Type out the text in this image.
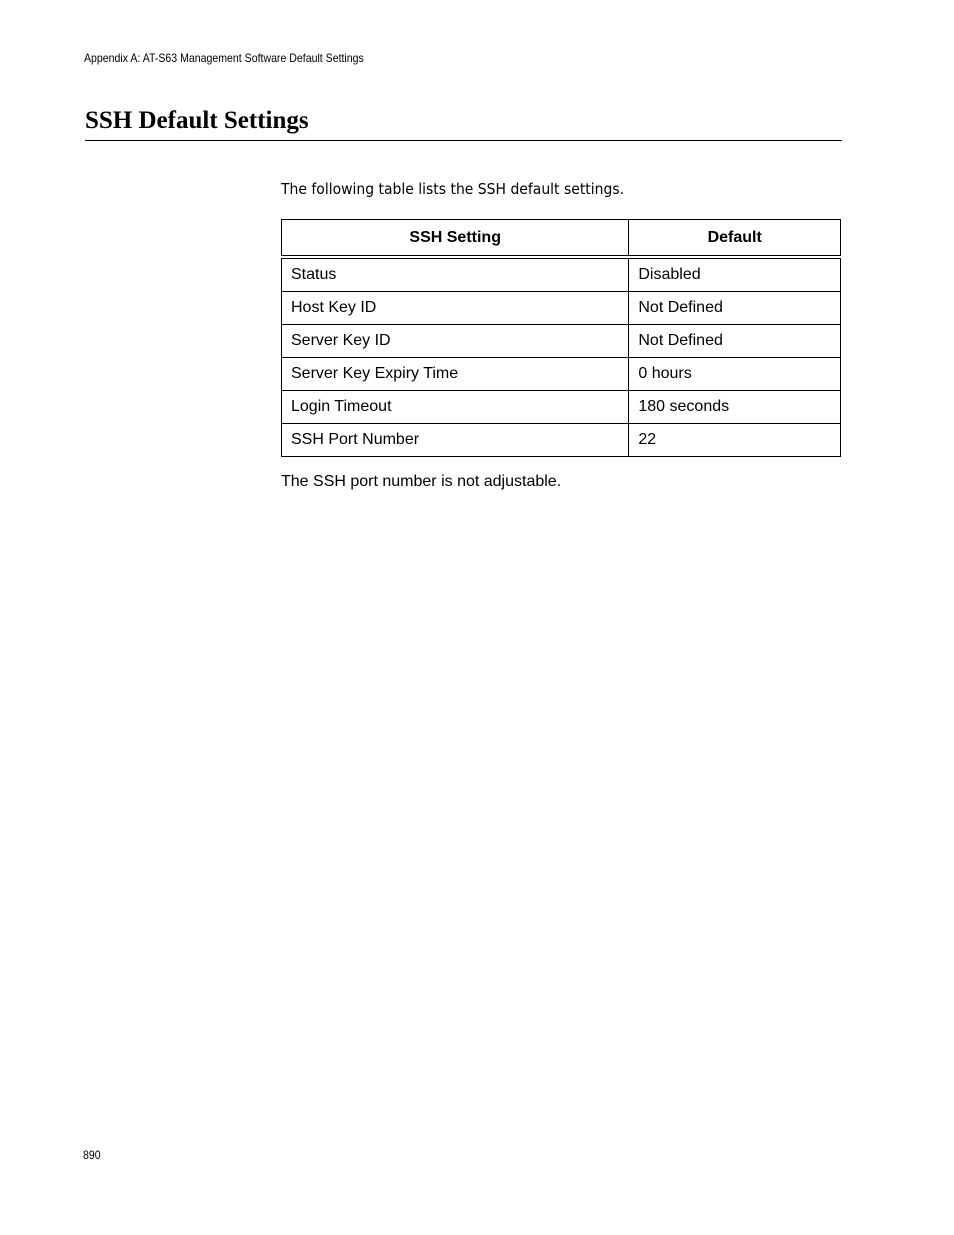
Appendix A: AT-S63 Management Software Default Settings
SSH Default Settings
The following table lists the SSH default settings.
SSH Setting	Default
Status	Disabled
Host Key ID	Not Defined
Server Key ID	Not Defined
Server Key Expiry Time	0 hours
Login Timeout	180 seconds
SSH Port Number	22
The SSH port number is not adjustable.
890
